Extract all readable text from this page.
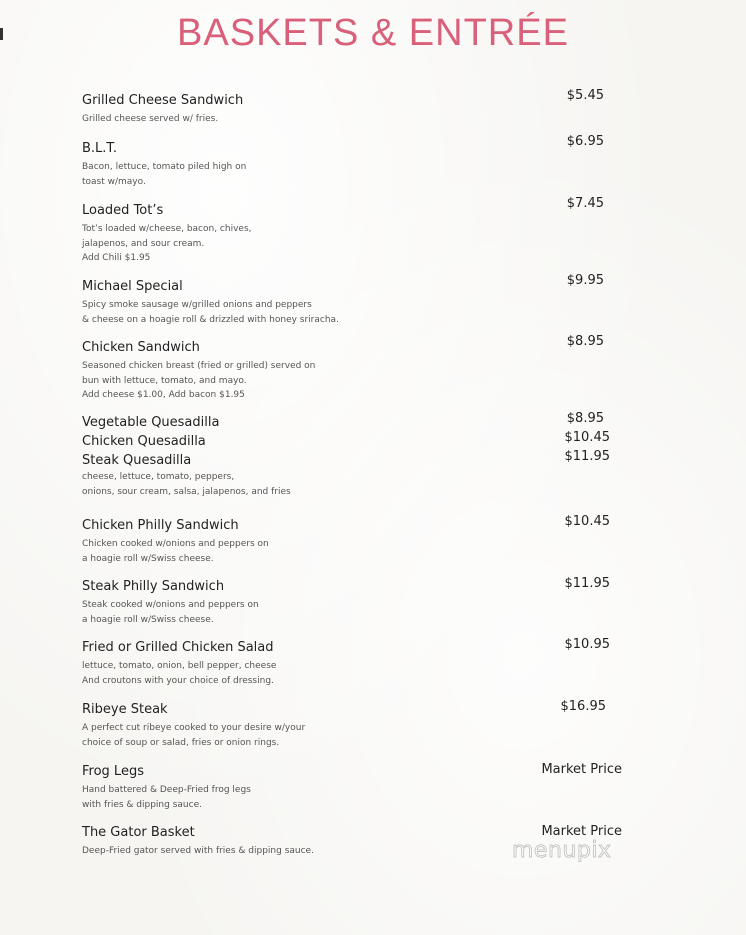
BASKETS & ENTRÉE
Grilled Cheese Sandwich
Grilled cheese served w/ fries.
$5.45
B.L.T.
Bacon, lettuce, tomato piled high on
toast w/mayo.
$6.95
Loaded Tot’s
Tot’s loaded w/cheese, bacon, chives,
jalapenos, and sour cream.
Add Chili $1.95
$7.45
Michael Special
Spicy smoke sausage w/grilled onions and peppers
& cheese on a hoagie roll & drizzled with honey sriracha.
$9.95
Chicken Sandwich
Seasoned chicken breast (fried or grilled) served on
bun with lettuce, tomato, and mayo.
Add cheese $1.00, Add bacon $1.95
$8.95
Vegetable Quesadilla
Chicken Quesadilla
Steak Quesadilla
cheese, lettuce, tomato, peppers,
onions, sour cream, salsa, jalapenos, and fries
$8.95
$10.45
$11.95
Chicken Philly Sandwich
Chicken cooked w/onions and peppers on
a hoagie roll w/Swiss cheese.
$10.45
Steak Philly Sandwich
Steak cooked w/onions and peppers on
a hoagie roll w/Swiss cheese.
$11.95
Fried or Grilled Chicken Salad
lettuce, tomato, onion, bell pepper, cheese
And croutons with your choice of dressing.
$10.95
Ribeye Steak
A perfect cut ribeye cooked to your desire w/your
choice of soup or salad, fries or onion rings.
$16.95
Frog Legs
Hand battered & Deep-Fried frog legs
with fries & dipping sauce.
Market Price
The Gator Basket
Deep-Fried gator served with fries & dipping sauce.
Market Price
menupix
